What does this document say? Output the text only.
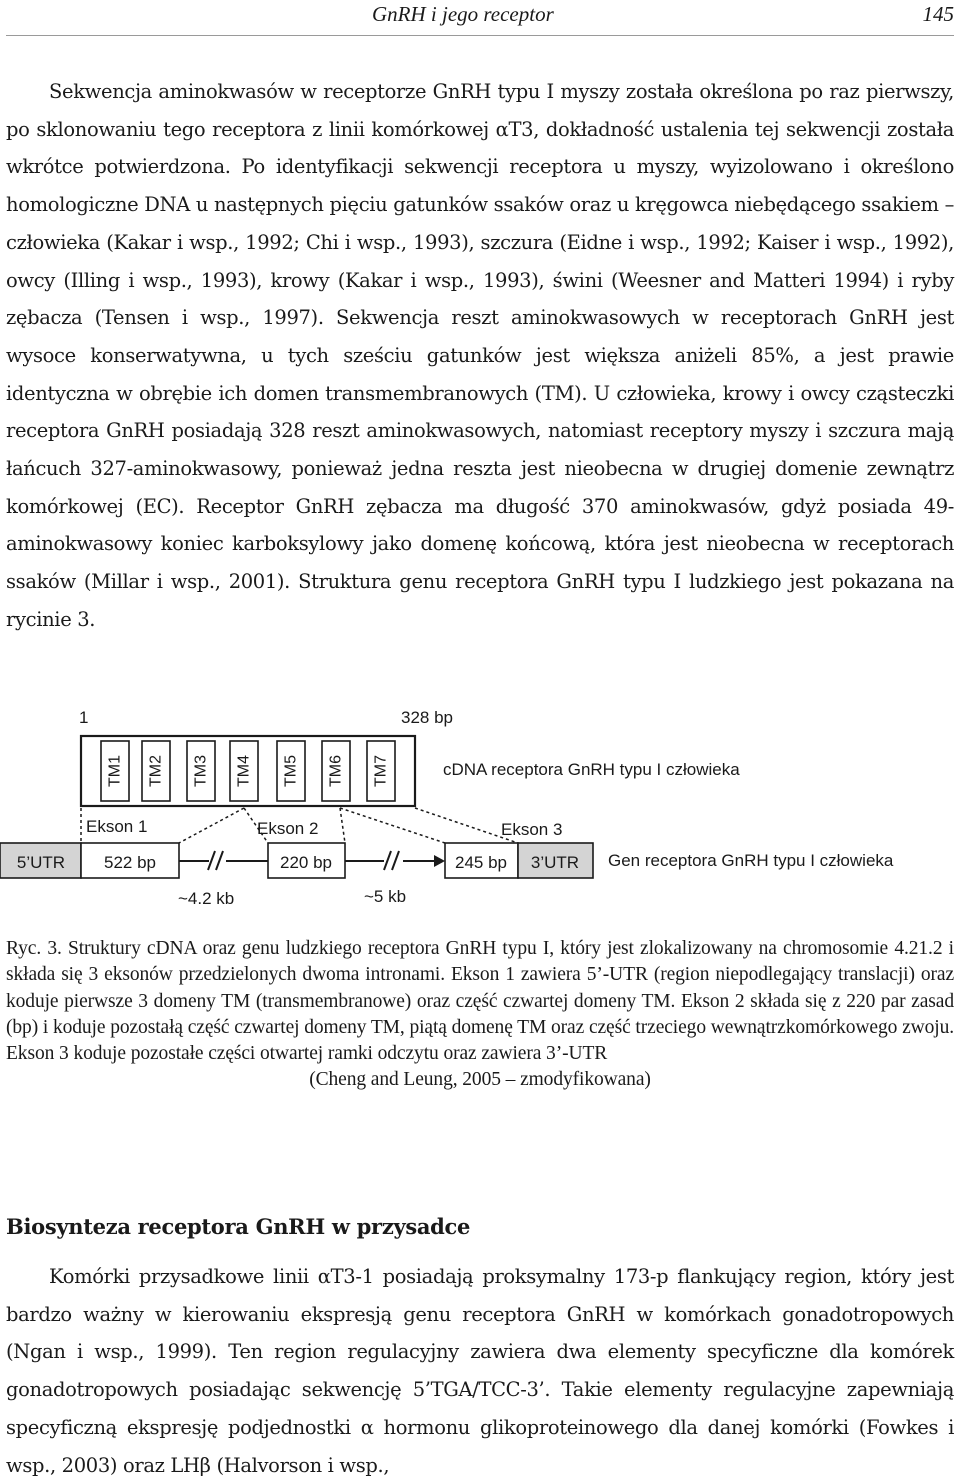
GnRH i jego receptor	145

Sekwencja aminokwasów w receptorze GnRH typu I myszy została określona po raz pierwszy, po sklonowaniu tego receptora z linii komórkowej αT3, dokładność ustalenia tej sekwencji została wkrótce potwierdzona. Po identyfikacji sekwencji receptora u myszy, wyizolowano i określono homologiczne DNA u następnych pięciu gatunków ssaków oraz u kręgowca niebędącego ssakiem – człowieka (Kakar i wsp., 1992; Chi i wsp., 1993), szczura (Eidne i wsp., 1992; Kaiser i wsp., 1992), owcy (Illing i wsp., 1993), krowy (Kakar i wsp., 1993), świni (Weesner and Matteri 1994) i ryby zębacza (Tensen i wsp., 1997). Sekwencja reszt aminokwasowych w receptorach GnRH jest wysoce konserwatywna, u tych sześciu gatunków jest większa aniżeli 85%, a jest prawie identyczna w obrębie ich domen transmembranowych (TM). U człowieka, krowy i owcy cząsteczki receptora GnRH posiadają 328 reszt aminokwasowych, natomiast receptory myszy i szczura mają łańcuch 327-aminokwasowy, ponieważ jedna reszta jest nieobecna w drugiej domenie zewnątrz komórkowej (EC). Receptor GnRH zębacza ma długość 370 aminokwasów, gdyż posiada 49-aminokwasowy koniec karboksylowy jako domenę końcową, która jest nieobecna w receptorach ssaków (Millar i wsp., 2001). Struktura genu receptora GnRH typu I ludzkiego jest pokazana na rycinie 3.

1	328 bp
TM1 TM2 TM3 TM4 TM5 TM6 TM7	cDNA receptora GnRH typu I człowieka
Ekson 1	Ekson 2	Ekson 3
5’UTR 522 bp	220 bp	245 bp 3’UTR Gen receptora GnRH typu I człowieka
~4.2 kb	~5 kb

Ryc. 3. Struktury cDNA oraz genu ludzkiego receptora GnRH typu I, który jest zlokalizowany na chromosomie 4.21.2 i składa się 3 eksonów przedzielonych dwoma intronami. Ekson 1 zawiera 5’-UTR (region niepodlegający translacji) oraz koduje pierwsze 3 domeny TM (transmembranowe) oraz część czwartej domeny TM. Ekson 2 składa się z 220 par zasad (bp) i koduje pozostałą część czwartej domeny TM, piątą domenę TM oraz część trzeciego wewnątrzkomórkowego zwoju. Ekson 3 koduje pozostałe części otwartej ramki odczytu oraz zawiera 3’-UTR
(Cheng and Leung, 2005 – zmodyfikowana)

Biosynteza receptora GnRH w przysadce

Komórki przysadkowe linii αT3-1 posiadają proksymalny 173-p flankujący region, który jest bardzo ważny w kierowaniu ekspresją genu receptora GnRH w komórkach gonadotropowych (Ngan i wsp., 1999). Ten region regulacyjny zawiera dwa elementy specyficzne dla komórek gonadotropowych posiadając sekwencję 5’TGA/TCC-3’. Takie elementy regulacyjne zapewniają specyficzną ekspresję podjednostki α hormonu glikoproteinowego dla danej komórki (Fowkes i wsp., 2003) oraz LHβ (Halvorson i wsp.,
